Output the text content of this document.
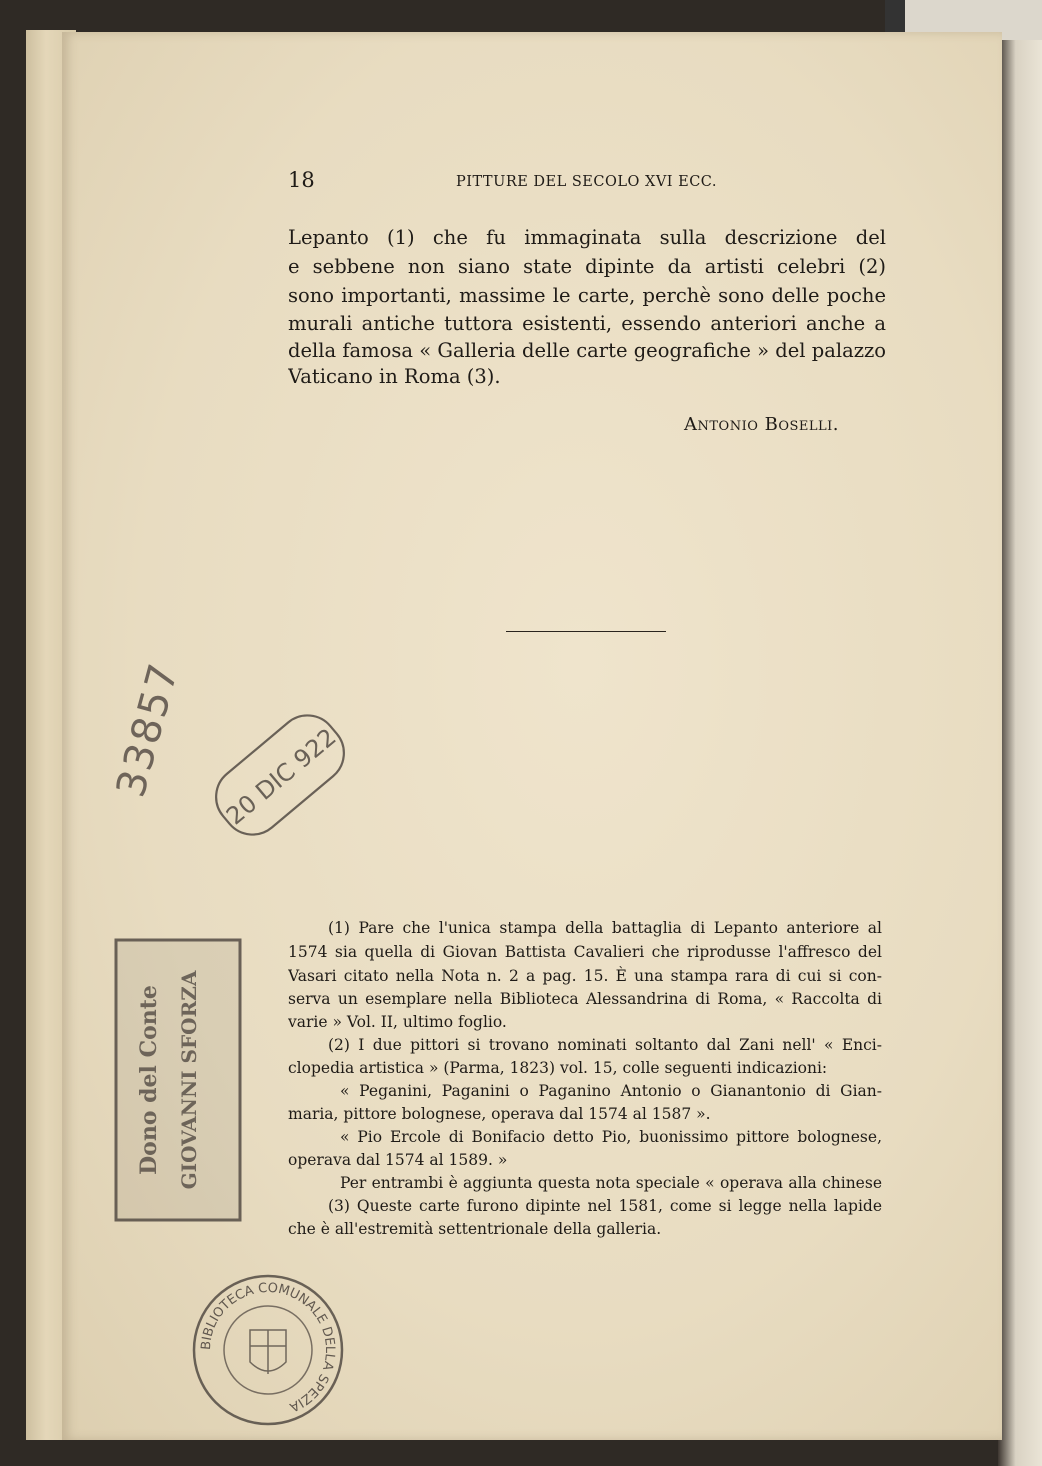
18	PITTURE DEL SECOLO XVI ECC.
Lepanto (1) che fu immaginata sulla descrizione del
e sebbene non siano state dipinte da artisti celebri (2)
sono importanti, massime le carte, perchè sono delle poche
murali antiche tuttora esistenti, essendo anteriori anche a
della famosa « Galleria delle carte geografiche » del palazzo
Vaticano in Roma (3).
Antonio Boselli.
(1) Pare che l'unica stampa della battaglia di Lepanto anteriore al
1574 sia quella di Giovan Battista Cavalieri che riprodusse l'affresco del
Vasari citato nella Nota n. 2 a pag. 15. È una stampa rara di cui si con-
serva un esemplare nella Biblioteca Alessandrina di Roma, « Raccolta di
varie » Vol. II, ultimo foglio.
(2) I due pittori si trovano nominati soltanto dal Zani nell' « Enci-
clopedia artistica » (Parma, 1823) vol. 15, colle seguenti indicazioni:
« Peganini, Paganini o Paganino Antonio o Gianantonio di Gian-
maria, pittore bolognese, operava dal 1574 al 1587 ».
« Pio Ercole di Bonifacio detto Pio, buonissimo pittore bolognese,
operava dal 1574 al 1589. »
Per entrambi è aggiunta questa nota speciale « operava alla chinese
(3) Queste carte furono dipinte nel 1581, come si legge nella lapide
che è all'estremità settentrionale della galleria.
33857 20 DIC 922
Dono del Conte GIOVANNI SFORZA
BIBLIOTECA COMUNALE DELLA SPEZIA
